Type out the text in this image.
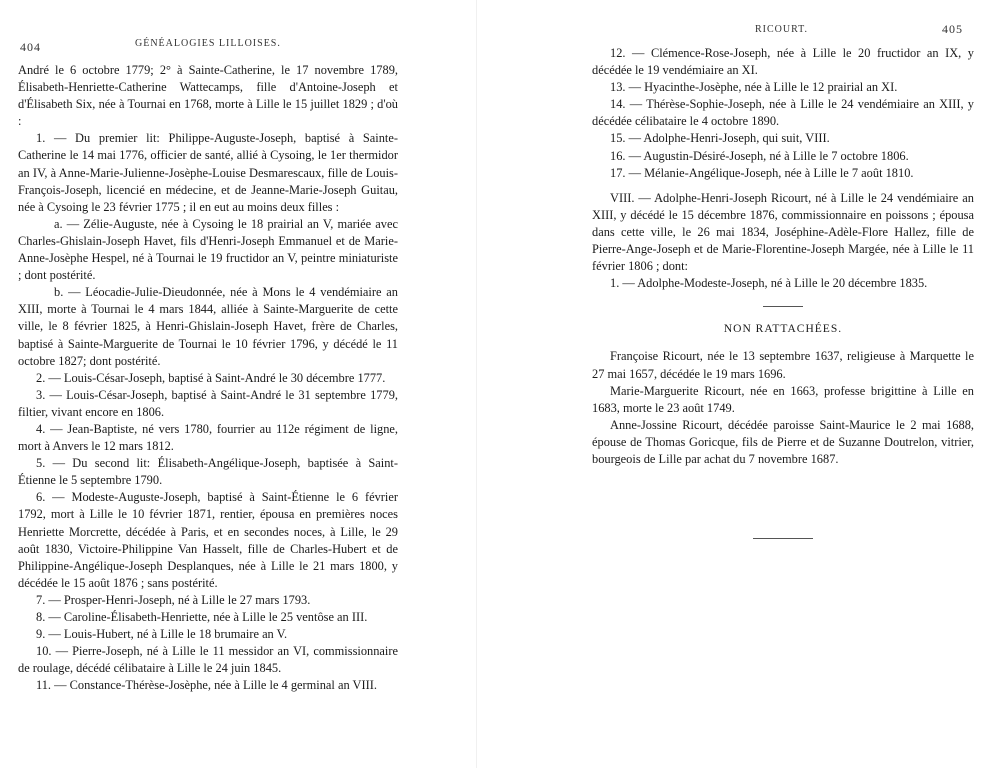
404	GÉNÉALOGIES LILLOISES.
RICOURT.	405

André le 6 octobre 1779; 2° à Sainte-Catherine, le 17 novembre 1789, Élisabeth-Henriette-Catherine Wattecamps, fille d'Antoine-Joseph et d'Élisabeth Six, née à Tournai en 1768, morte à Lille le 15 juillet 1829 ; d'où :

1. — Du premier lit: Philippe-Auguste-Joseph, baptisé à Sainte-Catherine le 14 mai 1776, officier de santé, allié à Cysoing, le 1er thermidor an IV, à Anne-Marie-Julienne-Josèphe-Louise Desmarescaux, fille de Louis-François-Joseph, licencié en médecine, et de Jeanne-Marie-Joseph Guitau, née à Cysoing le 23 février 1775 ; il en eut au moins deux filles :

a. — Zélie-Auguste, née à Cysoing le 18 prairial an V, mariée avec Charles-Ghislain-Joseph Havet, fils d'Henri-Joseph Emmanuel et de Marie-Anne-Josèphe Hespel, né à Tournai le 19 fructidor an V, peintre miniaturiste ; dont postérité.

b. — Léocadie-Julie-Dieudonnée, née à Mons le 4 vendémiaire an XIII, morte à Tournai le 4 mars 1844, alliée à Sainte-Marguerite de cette ville, le 8 février 1825, à Henri-Ghislain-Joseph Havet, frère de Charles, baptisé à Sainte-Marguerite de Tournai le 10 février 1796, y décédé le 11 octobre 1827; dont postérité.

2. — Louis-César-Joseph, baptisé à Saint-André le 30 décembre 1777.

3. — Louis-César-Joseph, baptisé à Saint-André le 31 septembre 1779, filtier, vivant encore en 1806.

4. — Jean-Baptiste, né vers 1780, fourrier au 112e régiment de ligne, mort à Anvers le 12 mars 1812.

5. — Du second lit: Élisabeth-Angélique-Joseph, baptisée à Saint-Étienne le 5 septembre 1790.

6. — Modeste-Auguste-Joseph, baptisé à Saint-Étienne le 6 février 1792, mort à Lille le 10 février 1871, rentier, épousa en premières noces Henriette Morcrette, décédée à Paris, et en secondes noces, à Lille, le 29 août 1830, Victoire-Philippine Van Hasselt, fille de Charles-Hubert et de Philippine-Angélique-Joseph Desplanques, née à Lille le 21 mars 1800, y décédée le 15 août 1876 ; sans postérité.

7. — Prosper-Henri-Joseph, né à Lille le 27 mars 1793.

8. — Caroline-Élisabeth-Henriette, née à Lille le 25 ventôse an III.

9. — Louis-Hubert, né à Lille le 18 brumaire an V.

10. — Pierre-Joseph, né à Lille le 11 messidor an VI, commissionnaire de roulage, décédé célibataire à Lille le 24 juin 1845.

11. — Constance-Thérèse-Josèphe, née à Lille le 4 germinal an VIII.

12. — Clémence-Rose-Joseph, née à Lille le 20 fructidor an IX, y décédée le 19 vendémiaire an XI.

13. — Hyacinthe-Josèphe, née à Lille le 12 prairial an XI.

14. — Thérèse-Sophie-Joseph, née à Lille le 24 vendémiaire an XIII, y décédée célibataire le 4 octobre 1890.

15. — Adolphe-Henri-Joseph, qui suit, VIII.

16. — Augustin-Désiré-Joseph, né à Lille le 7 octobre 1806.

17. — Mélanie-Angélique-Joseph, née à Lille le 7 août 1810.

VIII. — Adolphe-Henri-Joseph Ricourt, né à Lille le 24 vendémiaire an XIII, y décédé le 15 décembre 1876, commissionnaire en poissons ; épousa dans cette ville, le 26 mai 1834, Joséphine-Adèle-Flore Hallez, fille de Pierre-Ange-Joseph et de Marie-Florentine-Joseph Margée, née à Lille le 11 février 1806 ; dont:

1. — Adolphe-Modeste-Joseph, né à Lille le 20 décembre 1835.

NON RATTACHÉES.

Françoise Ricourt, née le 13 septembre 1637, religieuse à Marquette le 27 mai 1657, décédée le 19 mars 1696.

Marie-Marguerite Ricourt, née en 1663, professe brigittine à Lille en 1683, morte le 23 août 1749.

Anne-Jossine Ricourt, décédée paroisse Saint-Maurice le 2 mai 1688, épouse de Thomas Goricque, fils de Pierre et de Suzanne Doutrelon, vitrier, bourgeois de Lille par achat du 7 novembre 1687.
